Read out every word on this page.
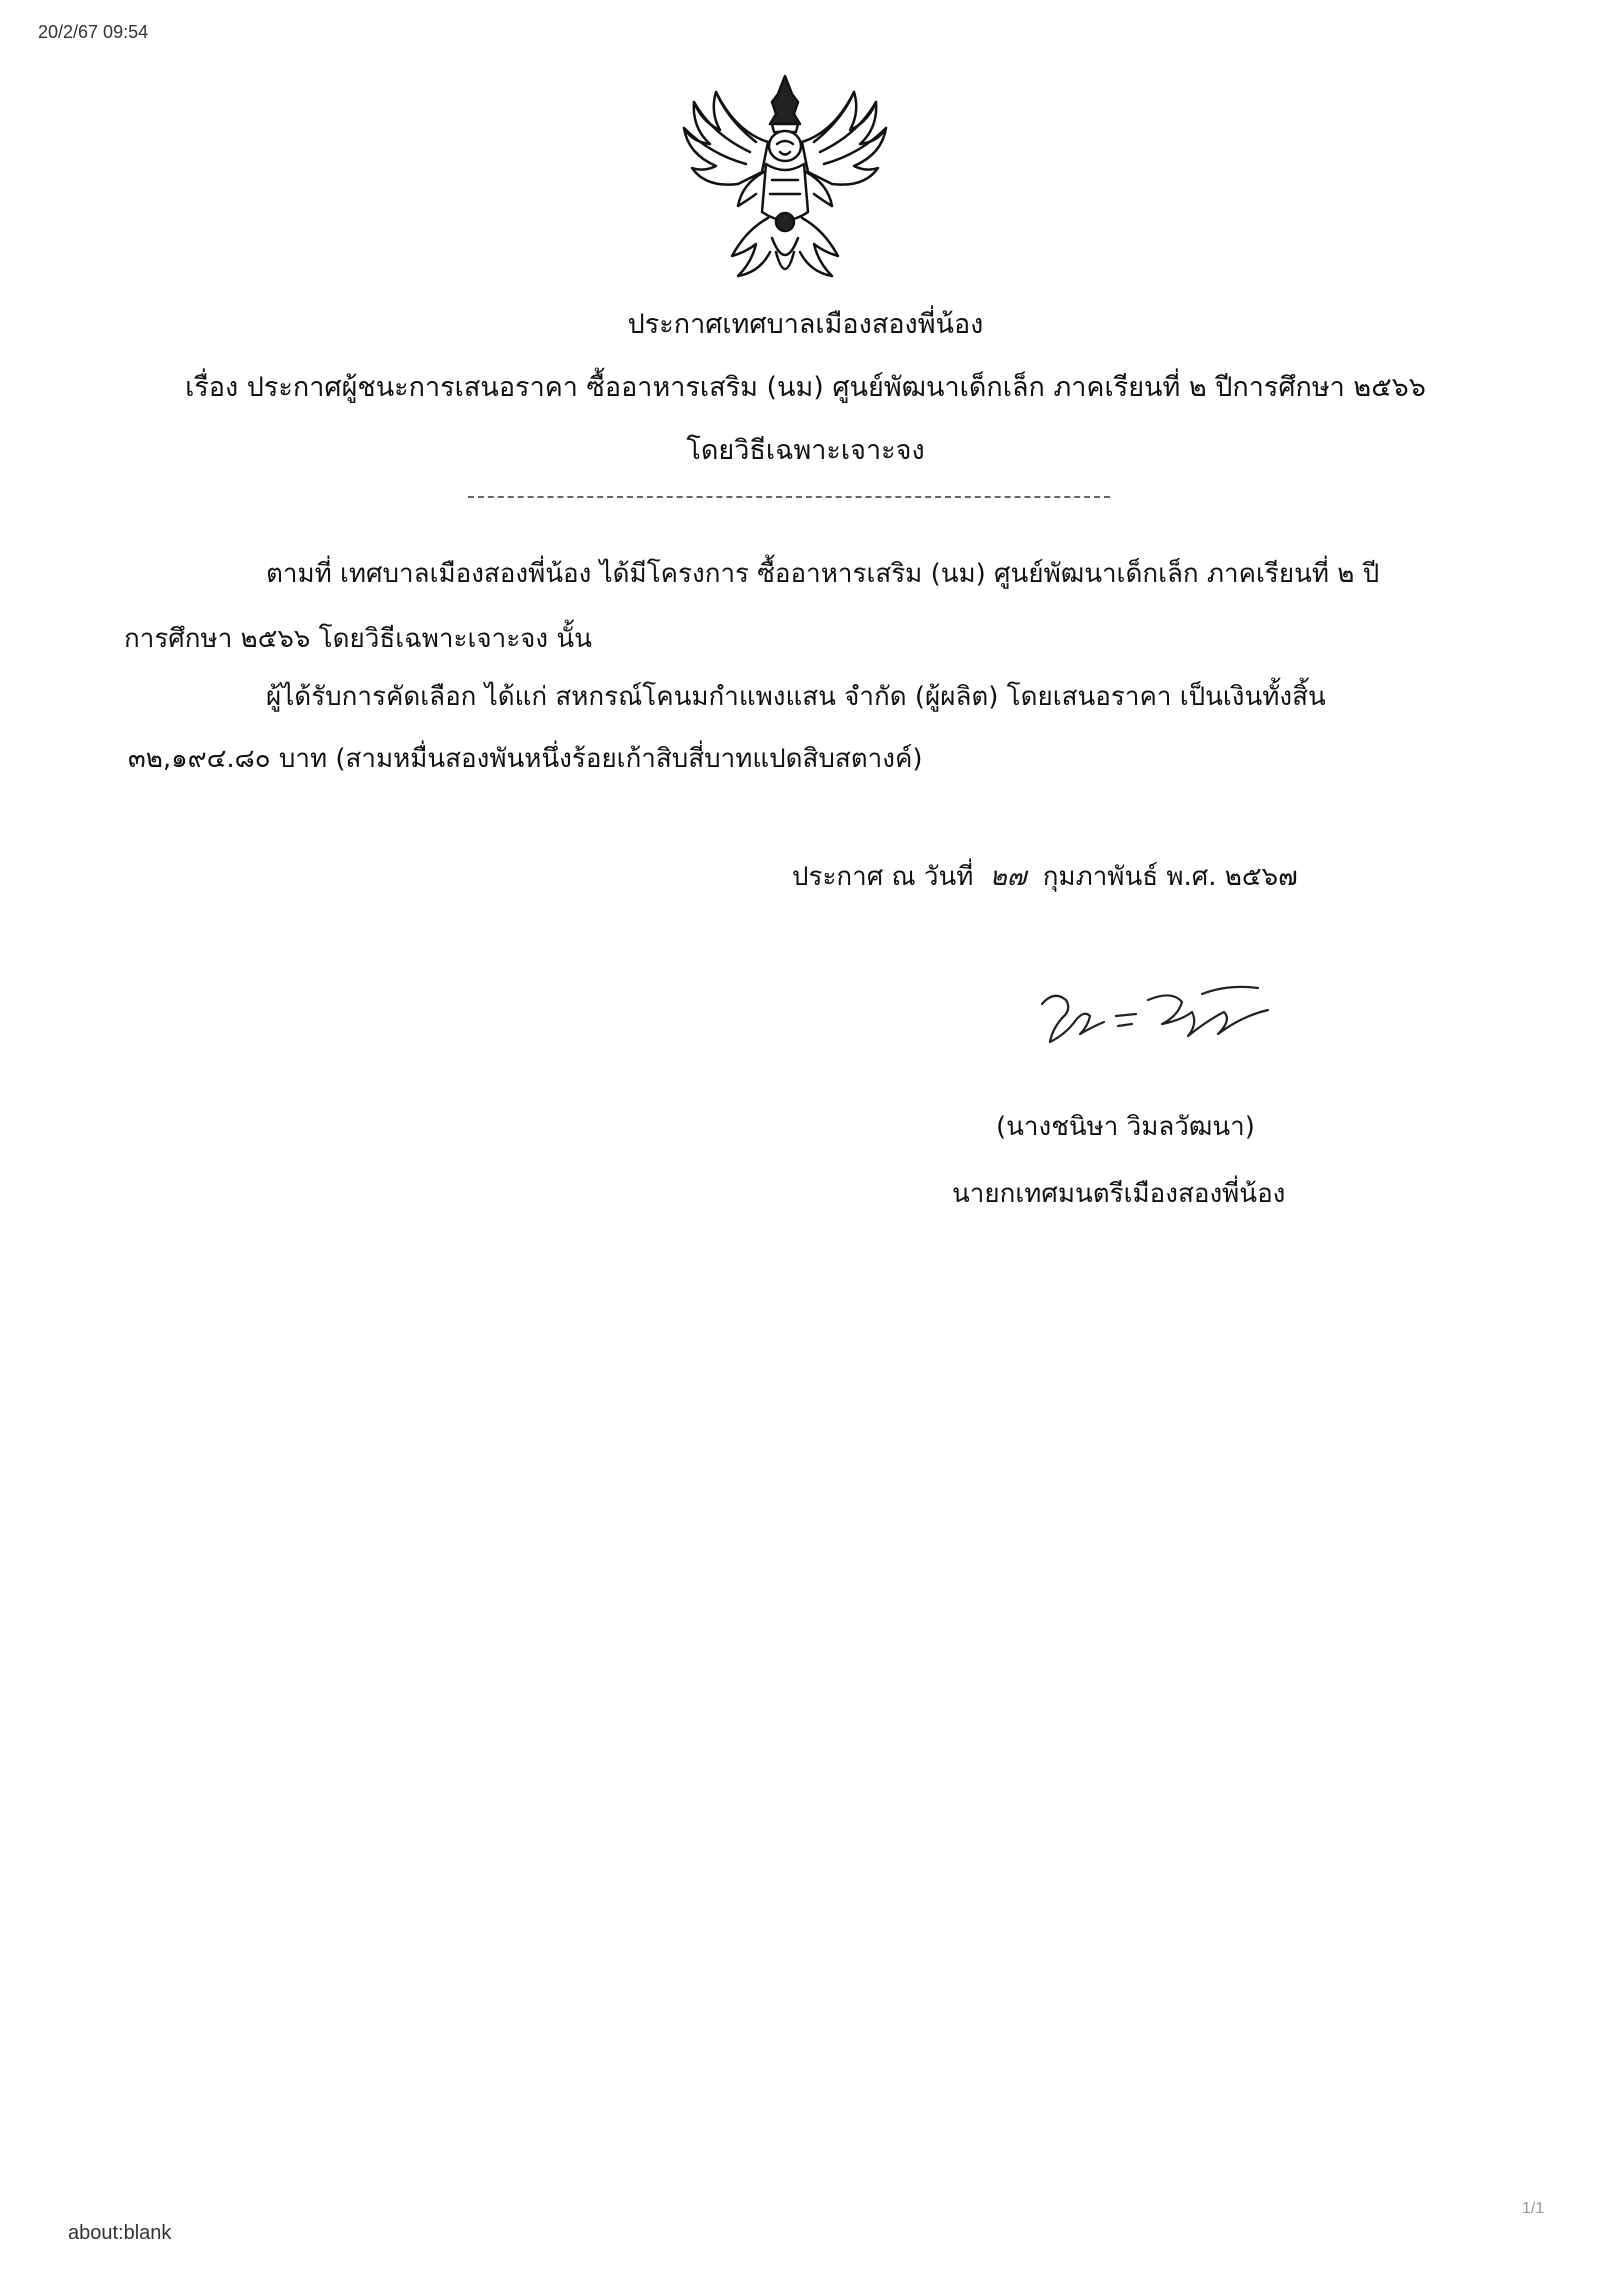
20/2/67 09:54
ประกาศเทศบาลเมืองสองพี่น้อง
เรื่อง ประกาศผู้ชนะการเสนอราคา ซื้ออาหารเสริม (นม) ศูนย์พัฒนาเด็กเล็ก ภาคเรียนที่ ๒ ปีการศึกษา ๒๕๖๖
โดยวิธีเฉพาะเจาะจง
ตามที่ เทศบาลเมืองสองพี่น้อง ได้มีโครงการ ซื้ออาหารเสริม (นม) ศูนย์พัฒนาเด็กเล็ก ภาคเรียนที่ ๒ ปี
การศึกษา ๒๕๖๖ โดยวิธีเฉพาะเจาะจง นั้น
ผู้ได้รับการคัดเลือก ได้แก่ สหกรณ์โคนมกำแพงแสน จำกัด (ผู้ผลิต) โดยเสนอราคา เป็นเงินทั้งสิ้น
๓๒,๑๙๔.๘๐ บาท (สามหมื่นสองพันหนึ่งร้อยเก้าสิบสี่บาทแปดสิบสตางค์)
ประกาศ ณ วันที่ ๒๗ กุมภาพันธ์ พ.ศ. ๒๕๖๗
(นางชนิษา วิมลวัฒนา)
นายกเทศมนตรีเมืองสองพี่น้อง
about:blank
1/1
